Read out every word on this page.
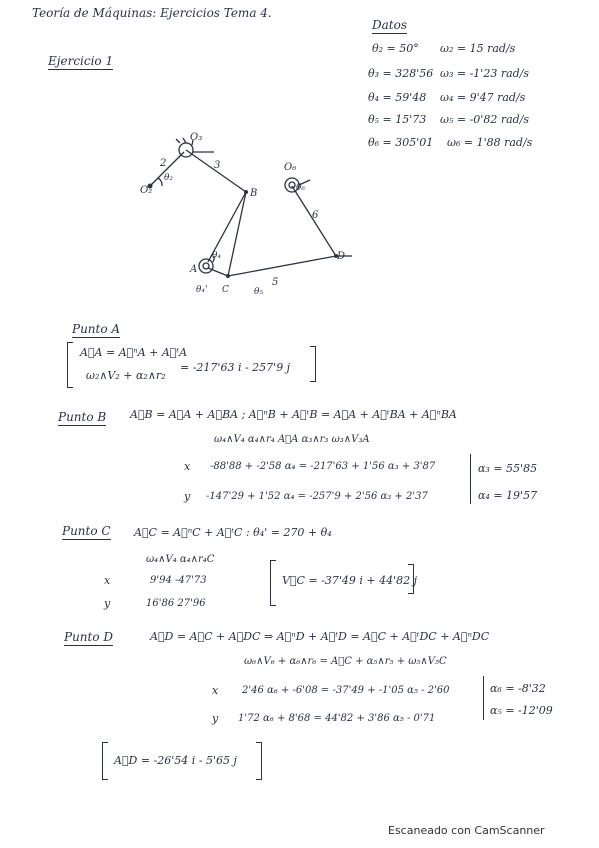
Teoría de Máquinas: Ejercicios Tema 4.
Ejercicio 1
Datos
θ₂ = 50° ω₂ = 15 rad/s
θ₃ = 328'56 ω₃ = -1'23 rad/s
θ₄ = 59'48 ω₄ = 9'47 rad/s
θ₅ = 15'73 ω₅ = -0'82 rad/s
θ₆ = 305'01 ω₆ = 1'88 rad/s
O₃
2
O₂
θ₂
3
B
O₆
θ₆
6
D
A
θ₄
θ₄' C
5
θ₅
Punto A
A⃗A = A⃗ⁿA + A⃗ᵗA
ω₂∧V₂ + α₂∧r₂
= -217'63 i - 257'9 j
Punto B A⃗B = A⃗A + A⃗BA ; A⃗ⁿB + A⃗ᵗB = A⃗A + A⃗ᵗBA + A⃗ⁿBA
ω₄∧V₄ α₄∧r₄ A⃗A α₃∧r₃ ω₃∧V₃A
x -88'88 + -2'58 α₄ = -217'63 + 1'56 α₃ + 3'87
y -147'29 + 1'52 α₄ = -257'9 + 2'56 α₃ + 2'37
α₃ = 55'85
α₄ = 19'57
Punto C A⃗C = A⃗ⁿC + A⃗ᵗC : θ₄' = 270 + θ₄
ω₄∧V₄ α₄∧r₄C
x	9'94 -47'73
y	16'86 27'96
V⃗C = -37'49 i + 44'82 j
Punto D	A⃗D = A⃗C + A⃗DC ⇒ A⃗ⁿD + A⃗ᵗD = A⃗C + A⃗ᵗDC + A⃗ⁿDC
ω₆∧V₆ + α₆∧r₆ = A⃗C + α₅∧r₅ + ω₅∧V₅C
x 2'46 α₆ + -6'08 = -37'49 + -1'05 α₅ - 2'60
y 1'72 α₆ + 8'68 = 44'82 + 3'86 α₅ - 0'71
α₆ = -8'32
α₅ = -12'09
A⃗D = -26'54 i - 5'65 j
Escaneado con CamScanner
